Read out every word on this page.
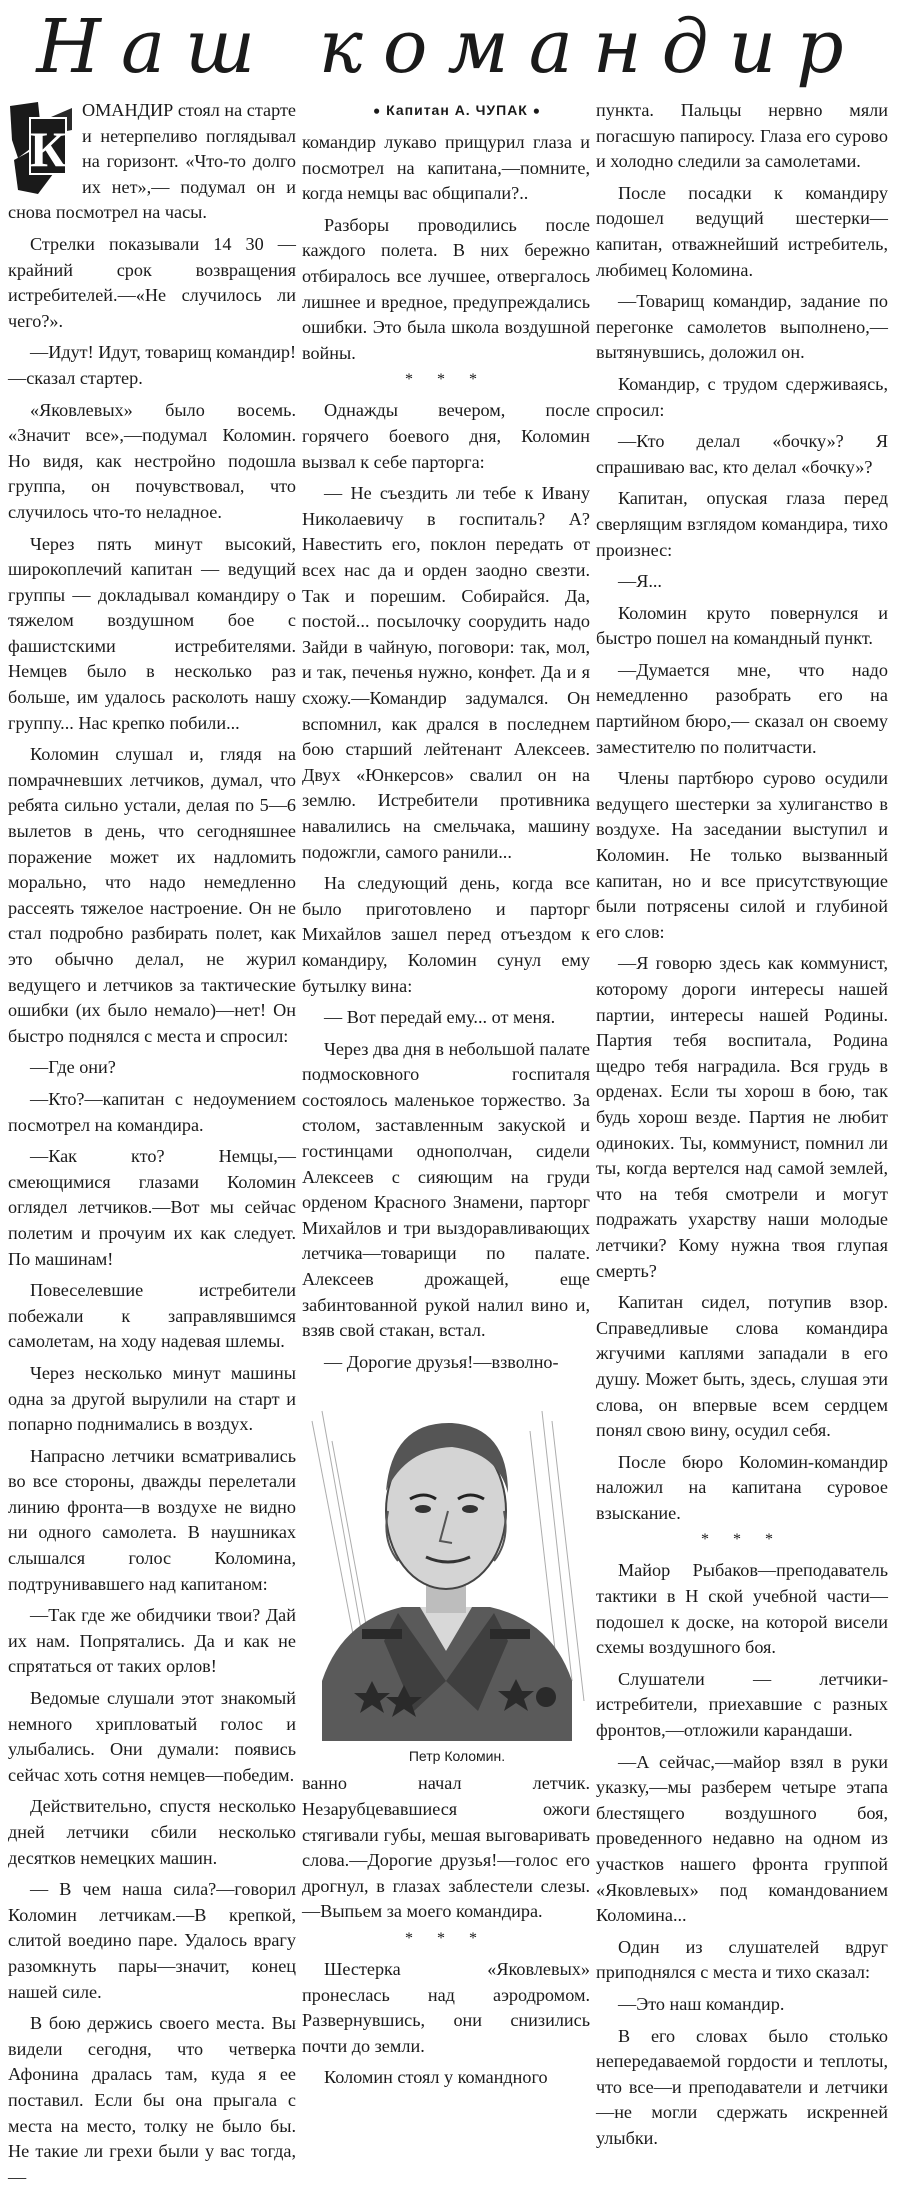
Наш командир
К

ОМАНДИР стоял на старте и нетерпеливо поглядывал на горизонт. «Что-то долго их нет»,— подумал он и снова посмотрел на часы.

Стрелки показывали 14 30 — крайний срок возвращения истребителей.—«Не случилось ли чего?».

—Идут! Идут, товарищ командир!—сказал стартер.

«Яковлевых» было восемь. «Значит все»,—подумал Коломин. Но видя, как нестройно подошла группа, он почувствовал, что случилось что-то неладное.

Через пять минут высокий, широкоплечий капитан — ведущий группы — докладывал командиру о тяжелом воздушном бое с фашистскими истребителями. Немцев было в несколько раз больше, им удалось расколоть нашу группу... Нас крепко побили...

Коломин слушал и, глядя на помрачневших летчиков, думал, что ребята сильно устали, делая по 5—6 вылетов в день, что сегодняшнее поражение может их надломить морально, что надо немедленно рассеять тяжелое настроение. Он не стал подробно разбирать полет, как это обычно делал, не журил ведущего и летчиков за тактические ошибки (их было немало)—нет! Он быстро поднялся с места и спросил:

—Где они?

—Кто?—капитан с недоумением посмотрел на командира.

—Как кто? Немцы,—смеющимися глазами Коломин оглядел летчиков.—Вот мы сейчас полетим и прочуим их как следует. По машинам!

Повеселевшие истребители побежали к заправлявшимся самолетам, на ходу надевая шлемы.

Через несколько минут машины одна за другой вырулили на старт и попарно поднимались в воздух.

Напрасно летчики всматривались во все стороны, дважды перелетали линию фронта—в воздухе не видно ни одного самолета. В наушниках слышался голос Коломина, подтрунивавшего над капитаном:

—Так где же обидчики твои? Дай их нам. Попрятались. Да и как не спрятаться от таких орлов!

Ведомые слушали этот знакомый немного хрипловатый голос и улыбались. Они думали: появись сейчас хоть сотня немцев—победим.

Действительно, спустя несколько дней летчики сбили несколько десятков немецких машин.

— В чем наша сила?—говорил Коломин летчикам.—В крепкой, слитой воедино паре. Удалось врагу разомкнуть пары—значит, конец нашей силе.

В бою держись своего места. Вы видели сегодня, что четверка Афонина дралась там, куда я ее поставил. Если бы она прыгала с места на место, толку не было бы. Не такие ли грехи были у вас тогда,—

● Капитан А. ЧУПАК ●

командир лукаво прищурил глаза и посмотрел на капитана,—помните, когда немцы вас общипали?..

Разборы проводились после каждого полета. В них бережно отбиралось все лучшее, отвергалось лишнее и вредное, предупреждались ошибки. Это была школа воздушной войны.

* * *

Однажды вечером, после горячего боевого дня, Коломин вызвал к себе парторга:

— Не съездить ли тебе к Ивану Николаевичу в госпиталь? А? Навестить его, поклон передать от всех нас да и орден заодно свезти. Так и порешим. Собирайся. Да, постой... посылочку соорудить надо Зайди в чайную, поговори: так, мол, и так, печенья нужно, конфет. Да и я схожу.—Командир задумался. Он вспомнил, как дрался в последнем бою старший лейтенант Алексеев. Двух «Юнкерсов» свалил он на землю. Истребители противника навалились на смельчака, машину подожгли, самого ранили...

На следующий день, когда все было приготовлено и парторг Михайлов зашел перед отъездом к командиру, Коломин сунул ему бутылку вина:

— Вот передай ему... от меня.

Через два дня в небольшой палате подмосковного госпиталя состоялось маленькое торжество. За столом, заставленным закуской и гостинцами однополчан, сидели Алексеев с сияющим на груди орденом Красного Знамени, парторг Михайлов и три выздоравливающих летчика—товарищи по палате. Алексеев дрожащей, еще забинтованной рукой налил вино и, взяв свой стакан, встал.

— Дорогие друзья!—взволно-

Петр Коломин.

ванно начал летчик. Незарубцевавшиеся ожоги стягивали губы, мешая выговаривать слова.—Дорогие друзья!—голос его дрогнул, в глазах заблестели слезы.—Выпьем за моего командира.

* * *

Шестерка «Яковлевых» пронеслась над аэродромом. Развернувшись, они снизились почти до земли.

Коломин стоял у командного

пункта. Пальцы нервно мяли погасшую папиросу. Глаза его сурово и холодно следили за самолетами.

После посадки к командиру подошел ведущий шестерки—капитан, отважнейший истребитель, любимец Коломина.

—Товарищ командир, задание по перегонке самолетов выполнено,—вытянувшись, доложил он.

Командир, с трудом сдерживаясь, спросил:

—Кто делал «бочку»? Я спрашиваю вас, кто делал «бочку»?

Капитан, опуская глаза перед сверлящим взглядом командира, тихо произнес:

—Я...

Коломин круто повернулся и быстро пошел на командный пункт.

—Думается мне, что надо немедленно разобрать его на партийном бюро,— сказал он своему заместителю по политчасти.

Члены партбюро сурово осудили ведущего шестерки за хулиганство в воздухе. На заседании выступил и Коломин. Не только вызванный капитан, но и все присутствующие были потрясены силой и глубиной его слов:

—Я говорю здесь как коммунист, которому дороги интересы нашей партии, интересы нашей Родины. Партия тебя воспитала, Родина щедро тебя наградила. Вся грудь в орденах. Если ты хорош в бою, так будь хорош везде. Партия не любит одиноких. Ты, коммунист, помнил ли ты, когда вертелся над самой землей, что на тебя смотрели и могут подражать ухарству наши молодые летчики? Кому нужна твоя глупая смерть?

Капитан сидел, потупив взор. Справедливые слова командира жгучими каплями западали в его душу. Может быть, здесь, слушая эти слова, он впервые всем сердцем понял свою вину, осудил себя.

После бюро Коломин-командир наложил на капитана суровое взыскание.

* * *

Майор Рыбаков—преподаватель тактики в Н ской учебной части—подошел к доске, на которой висели схемы воздушного боя.

Слушатели — летчики-истребители, приехавшие с разных фронтов,—отложили карандаши.

—А сейчас,—майор взял в руки указку,—мы разберем четыре этапа блестящего воздушного боя, проведенного недавно на одном из участков нашего фронта группой «Яковлевых» под командованием Коломина...

Один из слушателей вдруг приподнялся с места и тихо сказал:

—Это наш командир.

В его словах было столько непередаваемой гордости и теплоты, что все—и преподаватели и летчики—не могли сдержать искренней улыбки.
